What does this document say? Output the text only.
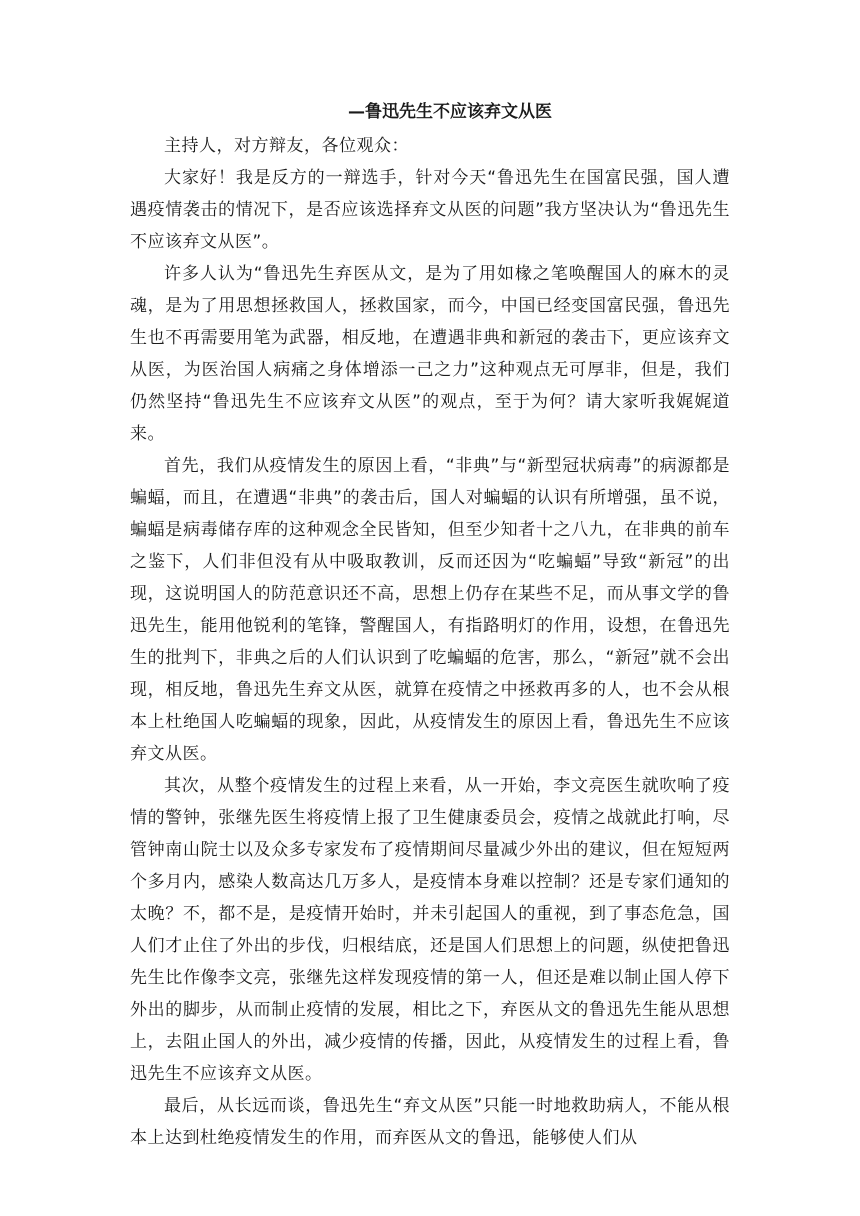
—鲁迅先生不应该弃文从医

主持人，对方辩友，各位观众：

大家好！我是反方的一辩选手，针对今天“鲁迅先生在国富民强，国人遭遇疫情袭击的情况下，是否应该选择弃文从医的问题”我方坚决认为“鲁迅先生不应该弃文从医”。

许多人认为“鲁迅先生弃医从文，是为了用如椽之笔唤醒国人的麻木的灵魂，是为了用思想拯救国人，拯救国家，而今，中国已经变国富民强，鲁迅先生也不再需要用笔为武器，相反地，在遭遇非典和新冠的袭击下，更应该弃文从医，为医治国人病痛之身体增添一己之力”这种观点无可厚非，但是，我们仍然坚持“鲁迅先生不应该弃文从医”的观点，至于为何？请大家听我娓娓道来。

首先，我们从疫情发生的原因上看，“非典”与“新型冠状病毒”的病源都是蝙蝠，而且，在遭遇“非典”的袭击后，国人对蝙蝠的认识有所增强，虽不说，蝙蝠是病毒储存库的这种观念全民皆知，但至少知者十之八九，在非典的前车之鉴下，人们非但没有从中吸取教训，反而还因为“吃蝙蝠”导致“新冠”的出现，这说明国人的防范意识还不高，思想上仍存在某些不足，而从事文学的鲁迅先生，能用他锐利的笔锋，警醒国人，有指路明灯的作用，设想，在鲁迅先生的批判下，非典之后的人们认识到了吃蝙蝠的危害，那么，“新冠”就不会出现，相反地，鲁迅先生弃文从医，就算在疫情之中拯救再多的人，也不会从根本上杜绝国人吃蝙蝠的现象，因此，从疫情发生的原因上看，鲁迅先生不应该弃文从医。

其次，从整个疫情发生的过程上来看，从一开始，李文亮医生就吹响了疫情的警钟，张继先医生将疫情上报了卫生健康委员会，疫情之战就此打响，尽管钟南山院士以及众多专家发布了疫情期间尽量减少外出的建议，但在短短两个多月内，感染人数高达几万多人，是疫情本身难以控制？还是专家们通知的太晚？不，都不是，是疫情开始时，并未引起国人的重视，到了事态危急，国人们才止住了外出的步伐，归根结底，还是国人们思想上的问题，纵使把鲁迅先生比作像李文亮，张继先这样发现疫情的第一人，但还是难以制止国人停下外出的脚步，从而制止疫情的发展，相比之下，弃医从文的鲁迅先生能从思想上，去阻止国人的外出，减少疫情的传播，因此，从疫情发生的过程上看，鲁迅先生不应该弃文从医。

最后，从长远而谈，鲁迅先生“弃文从医”只能一时地救助病人，不能从根本上达到杜绝疫情发生的作用，而弃医从文的鲁迅，能够使人们从
